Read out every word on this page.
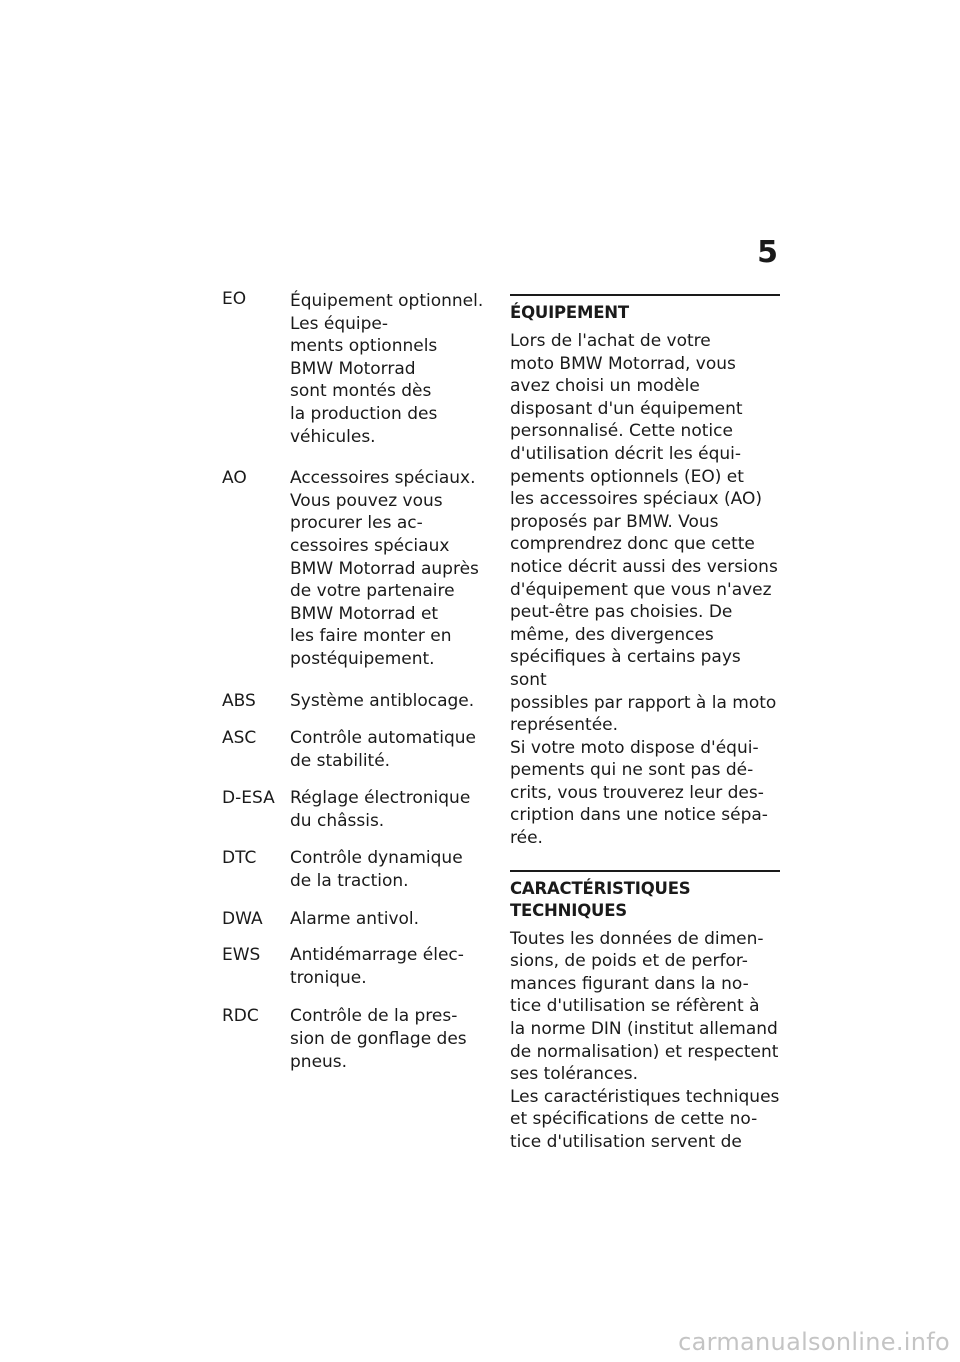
5
EO	Équipement optionnel.
Les équipe-
ments optionnels
BMW Motorrad
sont montés dès
la production des
véhicules.
AO	Accessoires spéciaux.
Vous pouvez vous
procurer les ac-
cessoires spéciaux
BMW Motorrad auprès
de votre partenaire
BMW Motorrad et
les faire monter en
postéquipement.
ABS	Système antiblocage.
ASC	Contrôle automatique
de stabilité.
D-ESA Réglage électronique
du châssis.
DTC	Contrôle dynamique
de la traction.
DWA	Alarme antivol.
EWS	Antidémarrage élec-
tronique.
RDC	Contrôle de la pres-
sion de gonflage des
pneus.
ÉQUIPEMENT

Lors de l'achat de votre
moto BMW Motorrad, vous
avez choisi un modèle
disposant d'un équipement
personnalisé. Cette notice
d'utilisation décrit les équi-
pements optionnels (EO) et
les accessoires spéciaux (AO)
proposés par BMW. Vous
comprendrez donc que cette
notice décrit aussi des versions
d'équipement que vous n'avez
peut-être pas choisies. De
même, des divergences
spécifiques à certains pays sont
possibles par rapport à la moto
représentée.

Si votre moto dispose d'équi-
pements qui ne sont pas dé-
crits, vous trouverez leur des-
cription dans une notice sépa-
rée.

CARACTÉRISTIQUES
TECHNIQUES

Toutes les données de dimen-
sions, de poids et de perfor-
mances figurant dans la no-
tice d'utilisation se réfèrent à
la norme DIN (institut allemand
de normalisation) et respectent
ses tolérances.

Les caractéristiques techniques
et spécifications de cette no-
tice d'utilisation servent de

carmanualsonline.info
